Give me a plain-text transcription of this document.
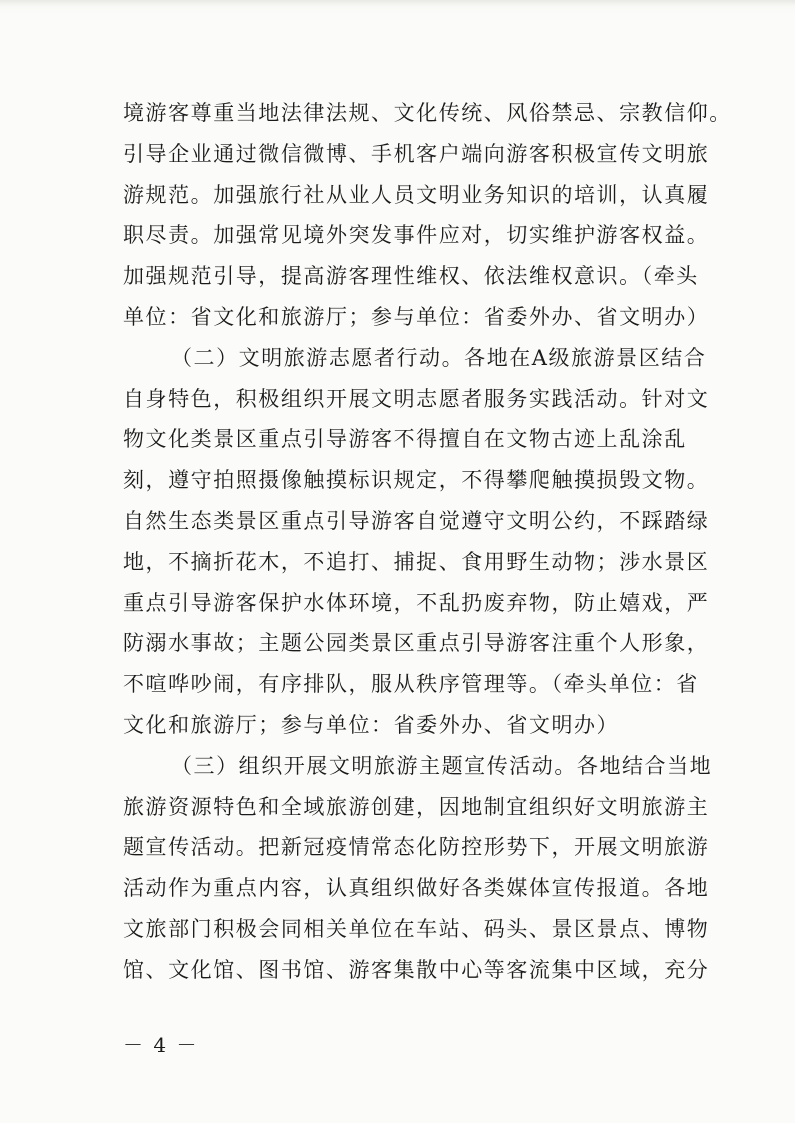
境游客尊重当地法律法规、文化传统、风俗禁忌、宗教信仰。
引导企业通过微信微博、手机客户端向游客积极宣传文明旅
游规范。加强旅行社从业人员文明业务知识的培训，认真履
职尽责。加强常见境外突发事件应对，切实维护游客权益。
加强规范引导，提高游客理性维权、依法维权意识。（牵头
单位：省文化和旅游厅；参与单位：省委外办、省文明办）
（二）文明旅游志愿者行动。各地在A级旅游景区结合
自身特色，积极组织开展文明志愿者服务实践活动。针对文
物文化类景区重点引导游客不得擅自在文物古迹上乱涂乱
刻，遵守拍照摄像触摸标识规定，不得攀爬触摸损毁文物。
自然生态类景区重点引导游客自觉遵守文明公约，不踩踏绿
地，不摘折花木，不追打、捕捉、食用野生动物；涉水景区
重点引导游客保护水体环境，不乱扔废弃物，防止嬉戏，严
防溺水事故；主题公园类景区重点引导游客注重个人形象，
不喧哗吵闹，有序排队，服从秩序管理等。（牵头单位：省
文化和旅游厅；参与单位：省委外办、省文明办）
（三）组织开展文明旅游主题宣传活动。各地结合当地
旅游资源特色和全域旅游创建，因地制宜组织好文明旅游主
题宣传活动。把新冠疫情常态化防控形势下，开展文明旅游
活动作为重点内容，认真组织做好各类媒体宣传报道。各地
文旅部门积极会同相关单位在车站、码头、景区景点、博物
馆、文化馆、图书馆、游客集散中心等客流集中区域，充分
－ 4 －
